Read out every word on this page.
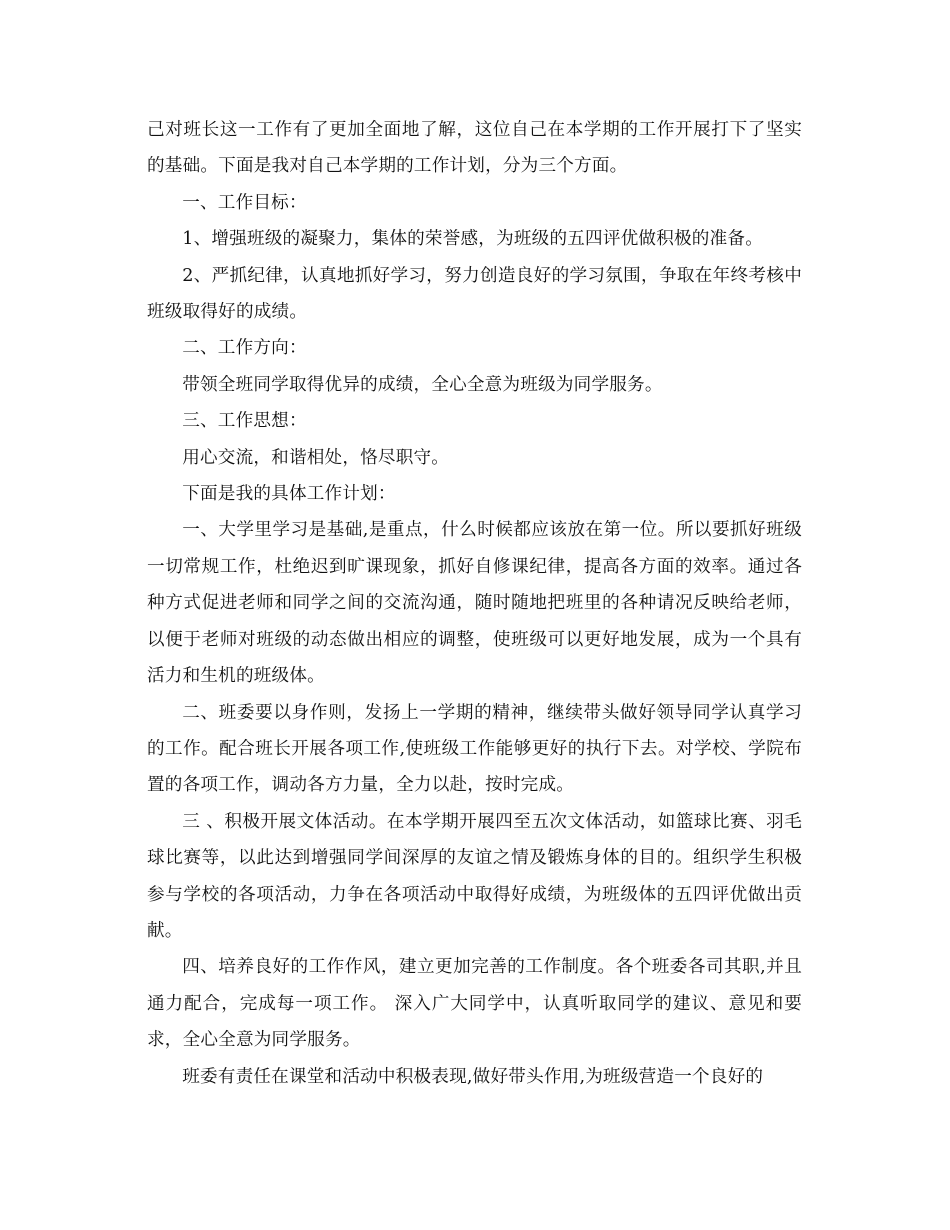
己对班长这一工作有了更加全面地了解，这位自己在本学期的工作开展打下了坚实的基础。下面是我对自己本学期的工作计划，分为三个方面。

一、工作目标：

1、增强班级的凝聚力，集体的荣誉感，为班级的五四评优做积极的准备。

2、严抓纪律，认真地抓好学习，努力创造良好的学习氛围，争取在年终考核中班级取得好的成绩。

二、工作方向：

带领全班同学取得优异的成绩，全心全意为班级为同学服务。

三、工作思想：

用心交流，和谐相处，恪尽职守。

下面是我的具体工作计划：

一、大学里学习是基础,是重点，什么时候都应该放在第一位。所以要抓好班级一切常规工作，杜绝迟到旷课现象，抓好自修课纪律，提高各方面的效率。通过各种方式促进老师和同学之间的交流沟通，随时随地把班里的各种请况反映给老师，以便于老师对班级的动态做出相应的调整，使班级可以更好地发展，成为一个具有活力和生机的班级体。

二、班委要以身作则，发扬上一学期的精神，继续带头做好领导同学认真学习的工作。配合班长开展各项工作,使班级工作能够更好的执行下去。对学校、学院布置的各项工作，调动各方力量，全力以赴，按时完成。

三 、积极开展文体活动。在本学期开展四至五次文体活动，如篮球比赛、羽毛球比赛等，以此达到增强同学间深厚的友谊之情及锻炼身体的目的。组织学生积极参与学校的各项活动，力争在各项活动中取得好成绩，为班级体的五四评优做出贡献。

四、培养良好的工作作风，建立更加完善的工作制度。各个班委各司其职,并且通力配合，完成每一项工作。 深入广大同学中，认真听取同学的建议、意见和要求，全心全意为同学服务。

班委有责任在课堂和活动中积极表现,做好带头作用,为班级营造一个良好的
